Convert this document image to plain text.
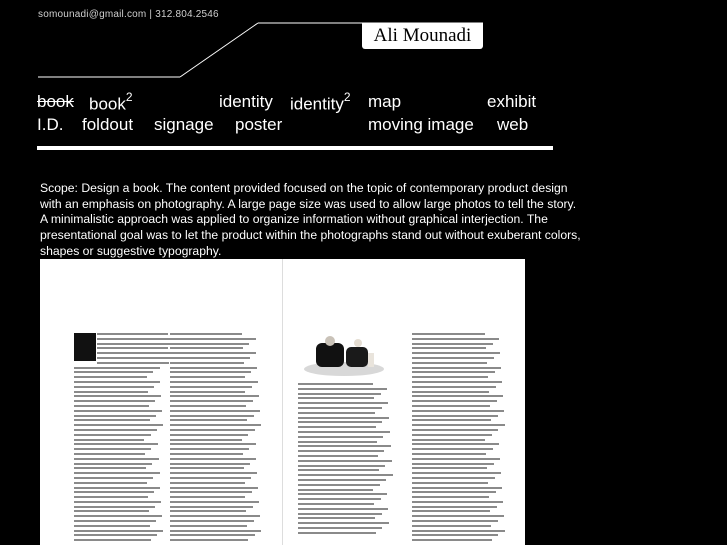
somounadi@gmail.com | 312.804.2546
Ali Mounadi
book book$^2$	identity identity$^2$ map	exhibit
I.D. foldout signage poster	moving image web

Scope: Design a book. The content provided focused on the topic of contemporary product design with an emphasis on photography. A large page size was used to allow large photos to tell the story. A minimalistic approach was applied to organize information without graphical interjection. The presentational goal was to let the product within the photographs stand out without exuberant colors, shapes or suggestive typography.
